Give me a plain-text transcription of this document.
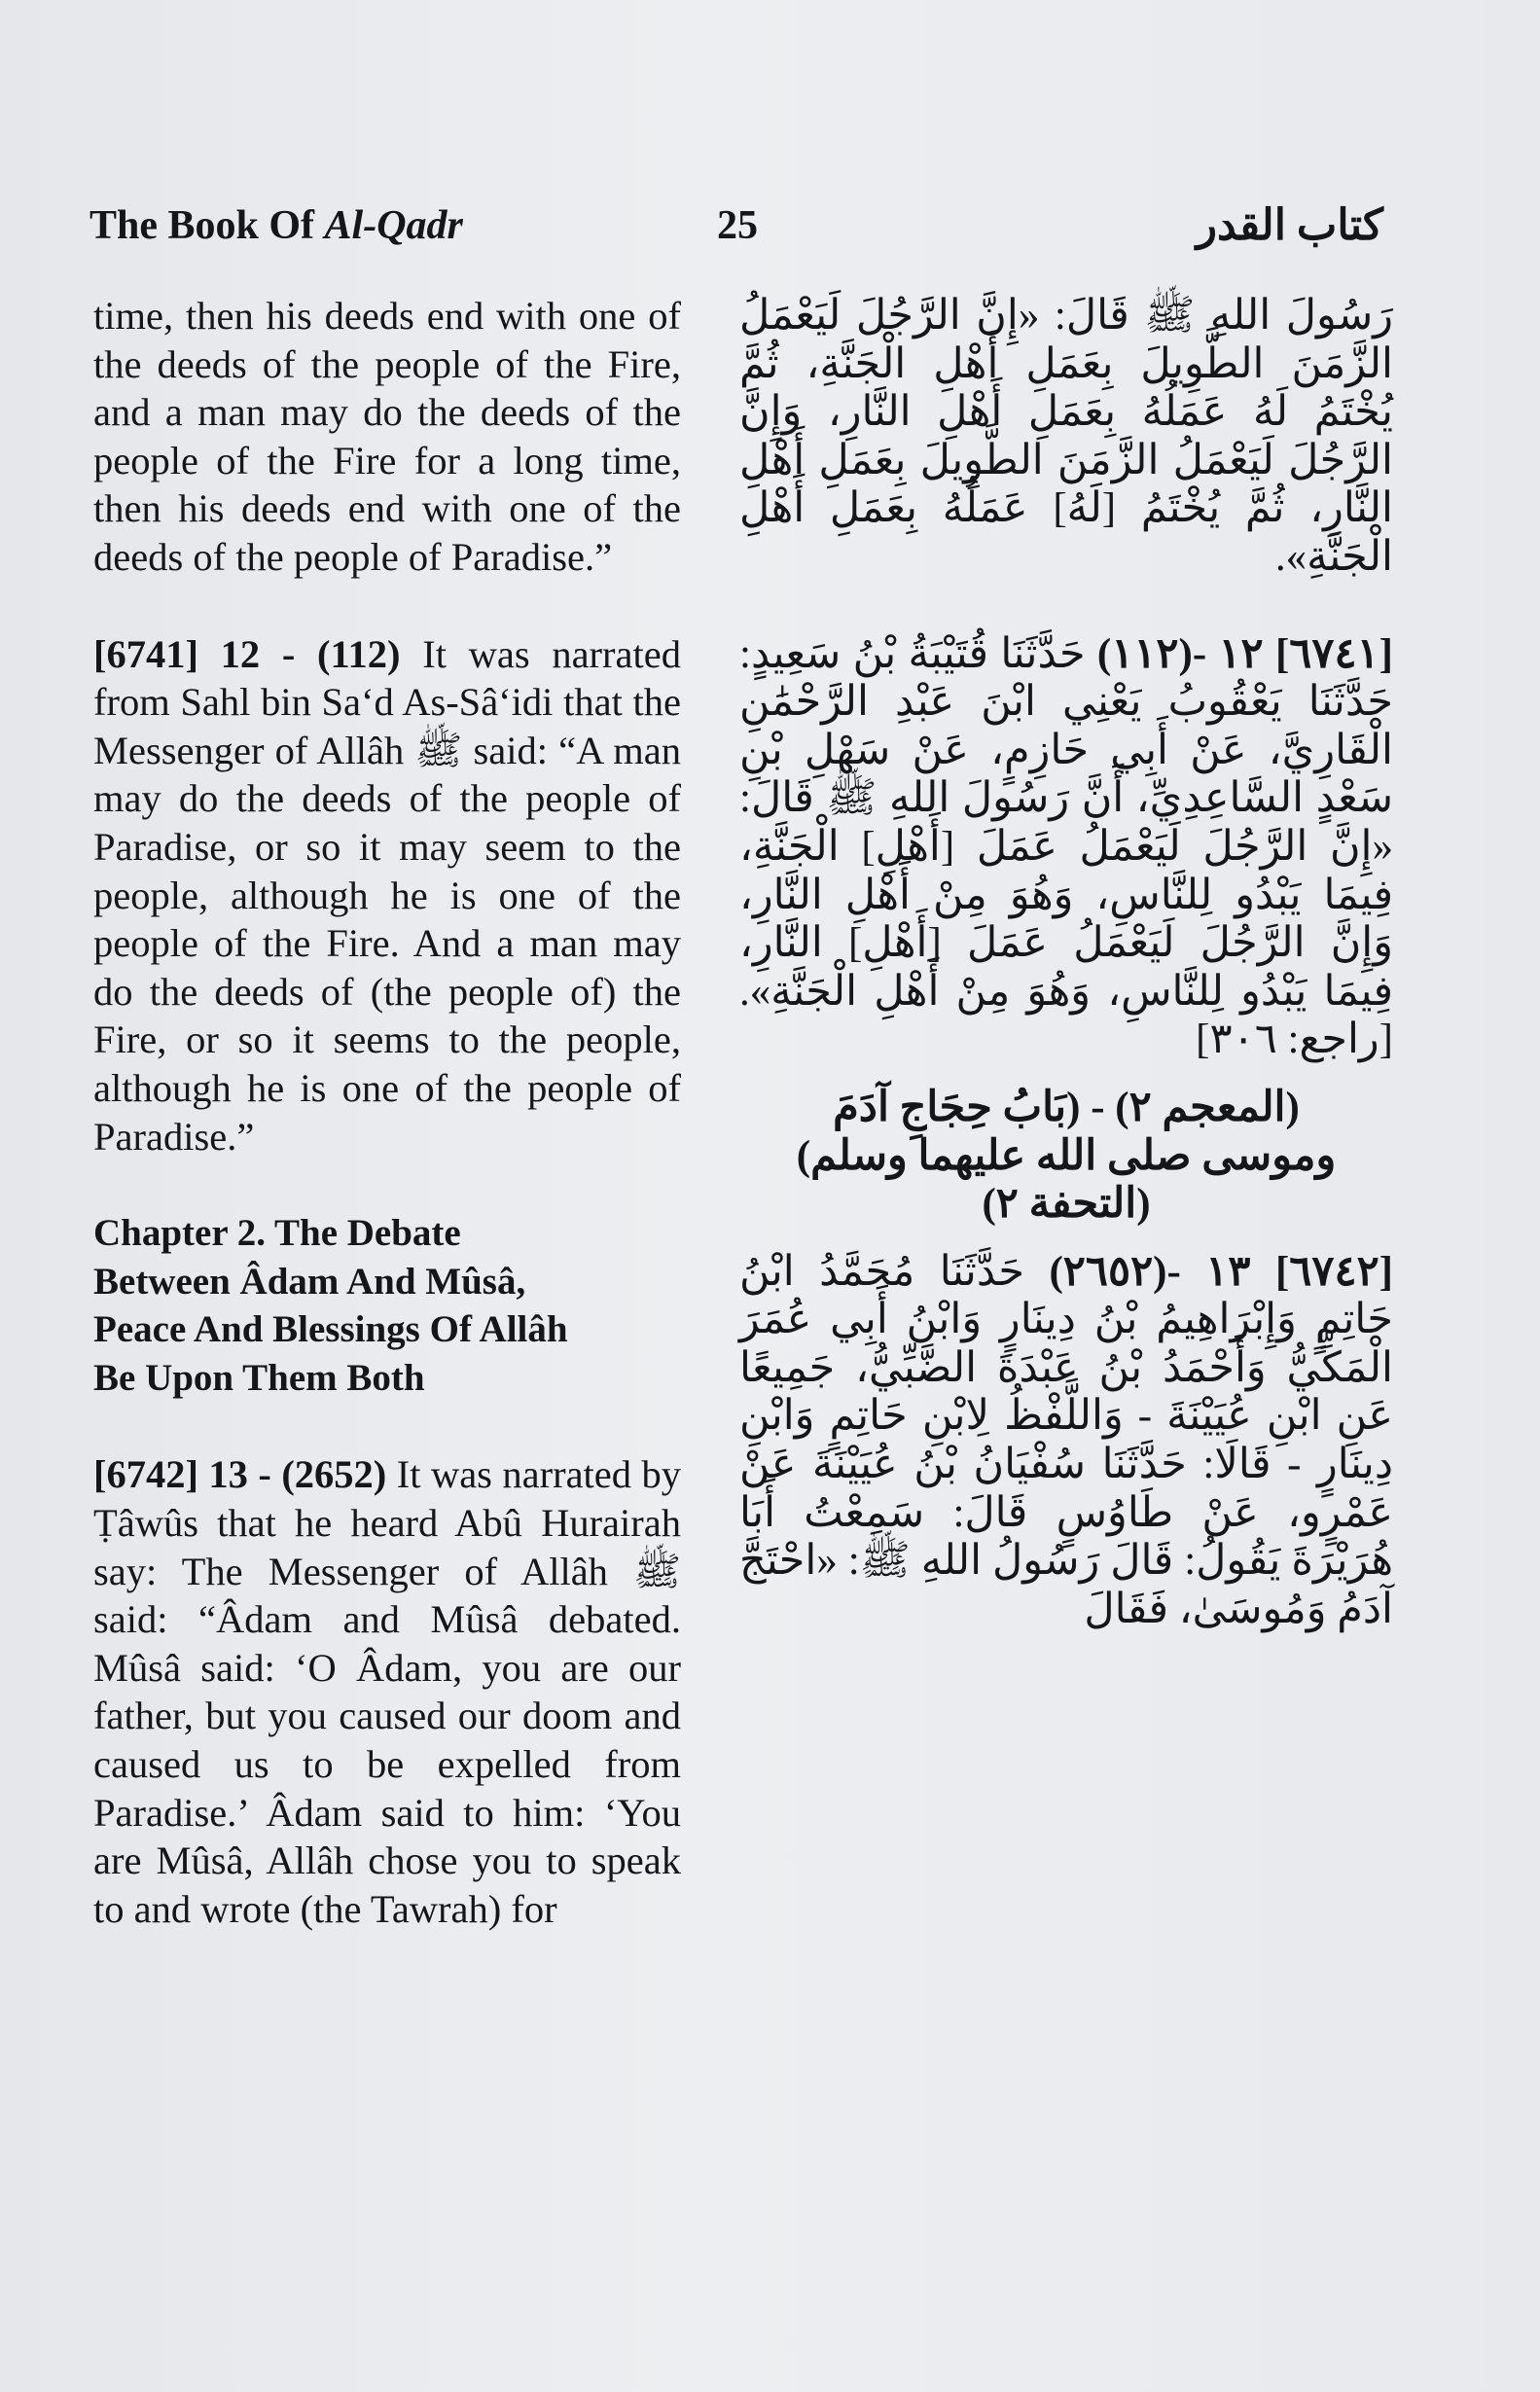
The Book Of Al-Qadr	25	كتاب القدر

time, then his deeds end with one of the deeds of the people of the Fire, and a man may do the deeds of the people of the Fire for a long time, then his deeds end with one of the deeds of the people of Paradise.”

[6741] 12 - (112) It was narrated from Sahl bin Sa‘d As-Sâ‘idi that the Messenger of Allâh ﷺ said: “A man may do the deeds of the people of Paradise, or so it may seem to the people, although he is one of the people of the Fire. And a man may do the deeds of (the people of) the Fire, or so it seems to the people, although he is one of the people of Paradise.”

Chapter 2. The Debate
Between Âdam And Mûsâ,
Peace And Blessings Of Allâh
Be Upon Them Both

[6742] 13 - (2652) It was narrated by Ṭâwûs that he heard Abû Hurairah say: The Messenger of Allâh ﷺ said: “Âdam and Mûsâ debated. Mûsâ said: ‘O Âdam, you are our father, but you caused our doom and caused us to be expelled from Paradise.’ Âdam said to him: ‘You are Mûsâ, Allâh chose you to speak to and wrote (the Tawrah) for

رَسُولَ اللهِ ﷺ قَالَ: «إِنَّ الرَّجُلَ لَيَعْمَلُ الزَّمَنَ الطَّوِيلَ بِعَمَلِ أَهْلِ الْجَنَّةِ، ثُمَّ يُخْتَمُ لَهُ عَمَلُهُ بِعَمَلِ أَهْلِ النَّارِ، وَإِنَّ الرَّجُلَ لَيَعْمَلُ الزَّمَنَ الطَّوِيلَ بِعَمَلِ أَهْلِ النَّارِ، ثُمَّ يُخْتَمُ [لَهُ] عَمَلُهُ بِعَمَلِ أَهْلِ الْجَنَّةِ».

[٦٧٤١] ١٢ -(١١٢) حَدَّثَنَا قُتَيْبَةُ بْنُ سَعِيدٍ: حَدَّثَنَا يَعْقُوبُ يَعْنِي ابْنَ عَبْدِ الرَّحْمَٰنِ الْقَارِيَّ، عَنْ أَبِي حَازِمٍ، عَنْ سَهْلِ بْنِ سَعْدٍ السَّاعِدِيِّ، أَنَّ رَسُولَ اللهِ ﷺ قَالَ: «إِنَّ الرَّجُلَ لَيَعْمَلُ عَمَلَ [أَهْلِ] الْجَنَّةِ، فِيمَا يَبْدُو لِلنَّاسِ، وَهُوَ مِنْ أَهْلِ النَّارِ، وَإِنَّ الرَّجُلَ لَيَعْمَلُ عَمَلَ [أَهْلِ] النَّارِ، فِيمَا يَبْدُو لِلنَّاسِ، وَهُوَ مِنْ أَهْلِ الْجَنَّةِ». [راجع: ٣٠٦]

(المعجم ٢) - (بَابُ حِجَاجِ آدَمَ
وموسى صلى الله عليهما وسلم)
(التحفة ٢)

[٦٧٤٢] ١٣ -(٢٦٥٢) حَدَّثَنَا مُحَمَّدُ ابْنُ حَاتِمٍ وَإِبْرَاهِيمُ بْنُ دِينَارٍ وَابْنُ أَبِي عُمَرَ الْمَكِّيُّ وَأَحْمَدُ بْنُ عَبْدَةَ الضَّبِّيُّ، جَمِيعًا عَنِ ابْنِ عُيَيْنَةَ - وَاللَّفْظُ لِابْنِ حَاتِمٍ وَابْنِ دِينَارٍ - قَالَا: حَدَّثَنَا سُفْيَانُ بْنُ عُيَيْنَةَ عَنْ عَمْرٍو، عَنْ طَاوُسٍ قَالَ: سَمِعْتُ أَبَا هُرَيْرَةَ يَقُولُ: قَالَ رَسُولُ اللهِ ﷺ: «احْتَجَّ آدَمُ وَمُوسَىٰ، فَقَالَ
